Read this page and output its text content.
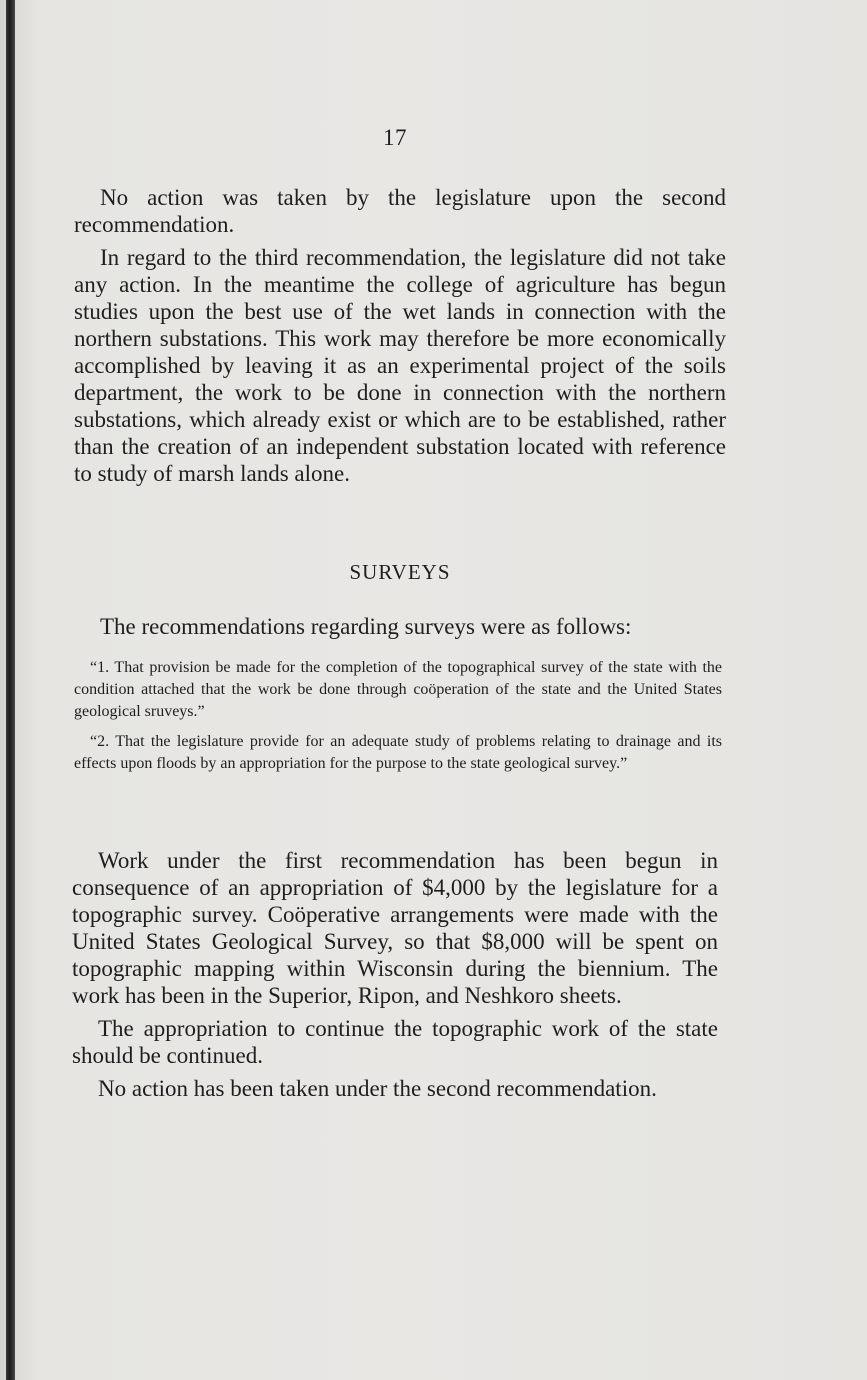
17

No action was taken by the legislature upon the second recommendation.

In regard to the third recommendation, the legislature did not take any action. In the meantime the college of agriculture has begun studies upon the best use of the wet lands in connection with the northern substations. This work may therefore be more economically accomplished by leaving it as an experimental project of the soils department, the work to be done in connection with the northern substations, which already exist or which are to be established, rather than the creation of an independent substation located with reference to study of marsh lands alone.

SURVEYS

The recommendations regarding surveys were as follows:

“1. That provision be made for the completion of the topographical survey of the state with the condition attached that the work be done through coöperation of the state and the United States geological sruveys.”

“2. That the legislature provide for an adequate study of problems relating to drainage and its effects upon floods by an appropriation for the purpose to the state geological survey.”

Work under the first recommendation has been begun in consequence of an appropriation of $4,000 by the legislature for a topographic survey. Coöperative arrangements were made with the United States Geological Survey, so that $8,000 will be spent on topographic mapping within Wisconsin during the biennium. The work has been in the Superior, Ripon, and Neshkoro sheets.

The appropriation to continue the topographic work of the state should be continued.

No action has been taken under the second recommendation.
